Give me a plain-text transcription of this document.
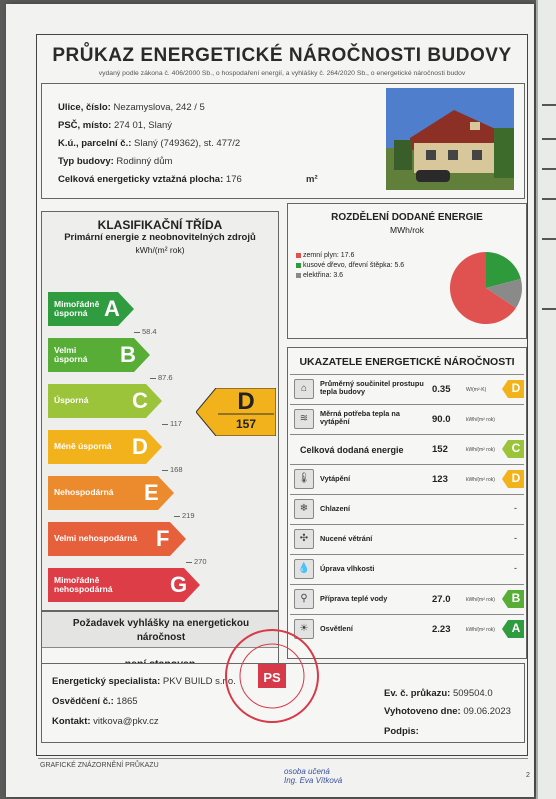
PRŮKAZ ENERGETICKÉ NÁROČNOSTI BUDOVY
vydaný podle zákona č. 406/2000 Sb., o hospodaření energií, a vyhlášky č. 264/2020 Sb., o energetické náročnosti budov
Ulice, číslo: Nezamyslova, 242 / 5
PSČ, místo: 274 01, Slaný
K.ú., parcelní č.: Slaný (749362), st. 477/2
Typ budovy: Rodinný dům
Celková energeticky vztažná plocha: 176	m²
KLASIFIKAČNÍ TŘÍDA
Primární energie z neobnovitelných zdrojů
kWh/(m² rok)
Mimořádně úsporná A
Velmi úsporná	B
Úsporná C
Méně úsporná D
Nehospodárná E
Velmi nehospodárná F
Mimořádně nehospodárná	G
58.4
87.6
117
168
219
270
D
157
Požadavek vyhlášky na energetickou náročnost
ROZDĚLENÍ DODANÉ ENERGIE
MWh/rok
zemní plyn: 17.6
kusové dřevo, dřevní štěpka: 5.6
elektřina: 3.6
UKAZATELE ENERGETICKÉ NÁROČNOSTI
⌂	Průměrný součinitel prostupu tepla budovy	0.35	W/(m²·K)	D
≋	Měrná potřeba tepla na vytápění	90.0	kWh/(m² rok)
Celková dodaná energie	152	kWh/(m² rok)	C
🌡	Vytápění	123	kWh/(m² rok)	D
❄	Chlazení	-
✣	Nucené větrání	-
💧	Úprava vlhkosti	-
⚲	Příprava teplé vody	27.0	kWh/(m² rok)	B
☀	Osvětlení	2.23	kWh/(m² rok)	A
Energetický specialista: PKV BUILD s.r.o.
Osvědčení č.: 1865
Kontakt: vitkova@pkv.cz
Ev. č. průkazu: 509504.0
Vyhotoveno dne: 09.06.2023
Podpis:
PS
GRAFICKÉ ZNÁZORNĚNÍ PRŮKAZU
2
osoba učená
Ing. Eva Vítková
